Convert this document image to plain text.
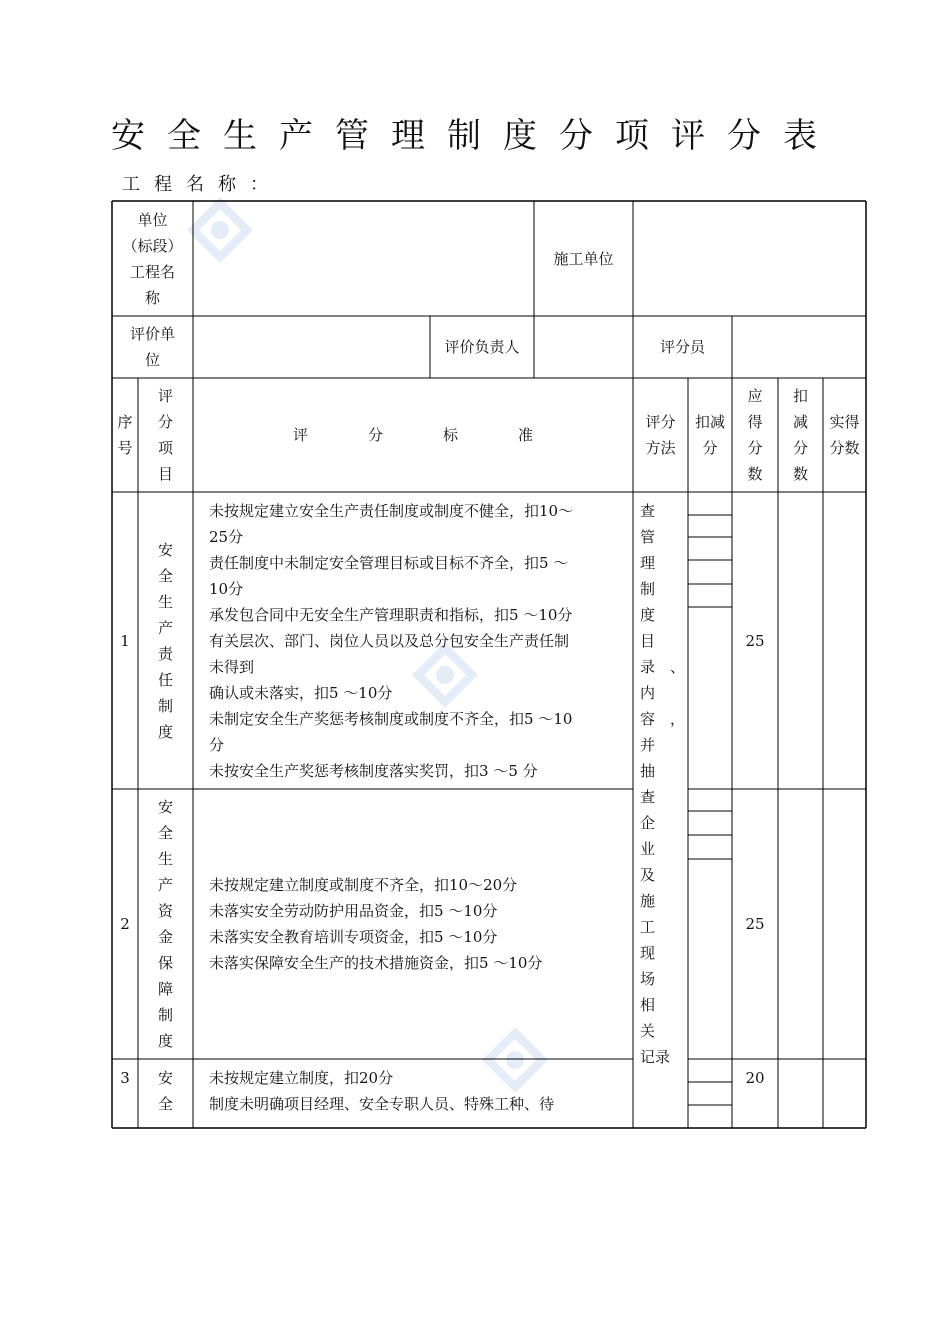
安全生产管理制度分项评分表
工程名称：
单位
（标段）
工程名
称
施工单位
评价单
位
评价负责人	评分员
序
号
评
分
项
目
评　　　　分　　　　标　　　　准
评分
方法
扣减
分
应
得
分
数
扣
减
分
数
实得
分数
1
安
全
生
产
责
任
制
度
未按规定建立安全生产责任制度或制度不健全，扣10～
25分
责任制度中未制定安全管理目标或目标不齐全，扣5 ～
10分
承发包合同中无安全生产管理职责和指标，扣5 ～10分
有关层次、部门、岗位人员以及总分包安全生产责任制
未得到
确认或未落实，扣5 ～10分
未制定安全生产奖惩考核制度或制度不齐全，扣5 ～10
分
未按安全生产奖惩考核制度落实奖罚，扣3 ～5 分
25
查　管
理　制
度　目
录　、
内
容　，
并　抽
查　企
业　及
施　工
现　场
相　关
记录
2
安
全
生
产
资
金
保
障
制
度
未按规定建立制度或制度不齐全，扣10～20分
未落实安全劳动防护用品资金，扣5 ～10分
未落实安全教育培训专项资金，扣5 ～10分
未落实保障安全生产的技术措施资金，扣5 ～10分
25
3	安
全
未按规定建立制度，扣20分
制度未明确项目经理、安全专职人员、特殊工种、待
20
